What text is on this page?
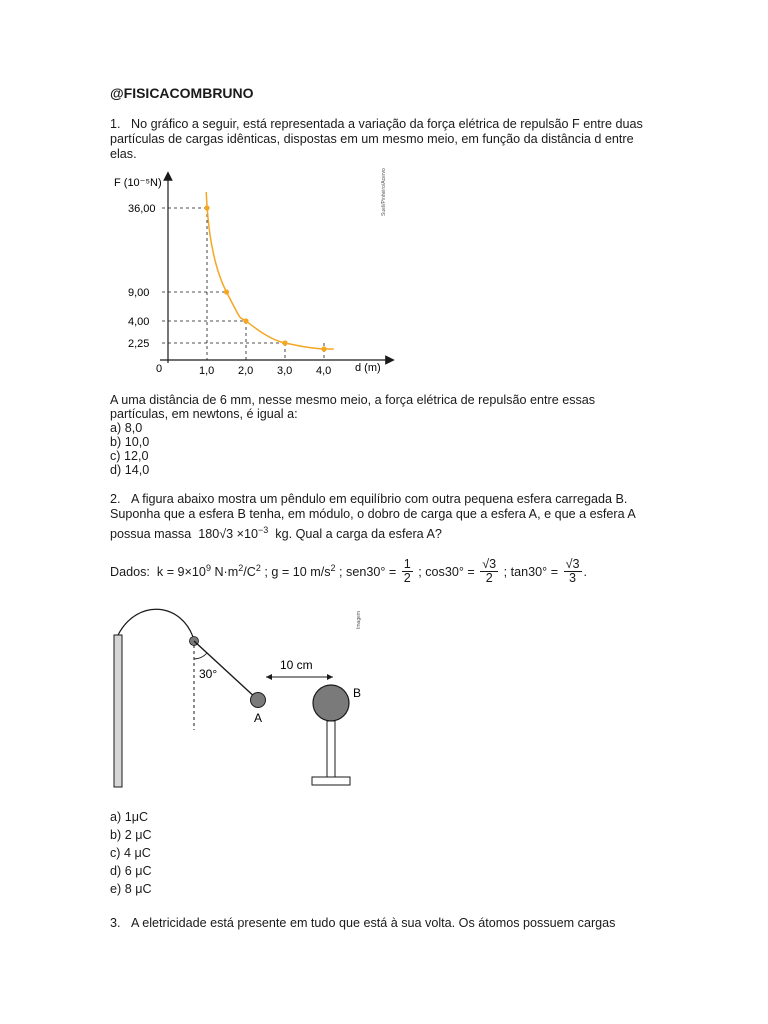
@FISICACOMBRUNO
1. No gráfico a seguir, está representada a variação da força elétrica de repulsão F entre duas
partículas de cargas idênticas, dispostas em um mesmo meio, em função da distância d entre
elas.
F (10⁻⁵N)
d (m)
0
Sueli/Pinheiro/Acervo
1,0 2,0 3,0 4,0
36,00
9,00
4,00
2,25
A uma distância de 6 mm, nesse mesmo meio, a força elétrica de repulsão entre essas
partículas, em newtons, é igual a:
a) 8,0
b) 10,0
c) 12,0
d) 14,0
2. A figura abaixo mostra um pêndulo em equilíbrio com outra pequena esfera carregada B.
Suponha que a esfera B tenha, em módulo, o dobro de carga que a esfera A, e que a esfera A
possua massa $180√3 \times 10^{-3}$ kg. Qual a carga da esfera A?
Dados: $k = 9\times 10^9$ $N\cdot m^2/C^2$ ; g = 10 $m/s^2$ ; $sen30^\circ = \frac{1}{2}$ ; $\cos 30^\circ = \frac{√3}{2}$ ; $\tan 30^\circ = \frac{√3}{3}$ .
30°
A
10 cm
B
Imagem
a) 1μC
b) 2 μC
c) 4 μC
d) 6 μC
e) 8 μC
3. A eletricidade está presente em tudo que está à sua volta. Os átomos possuem cargas
